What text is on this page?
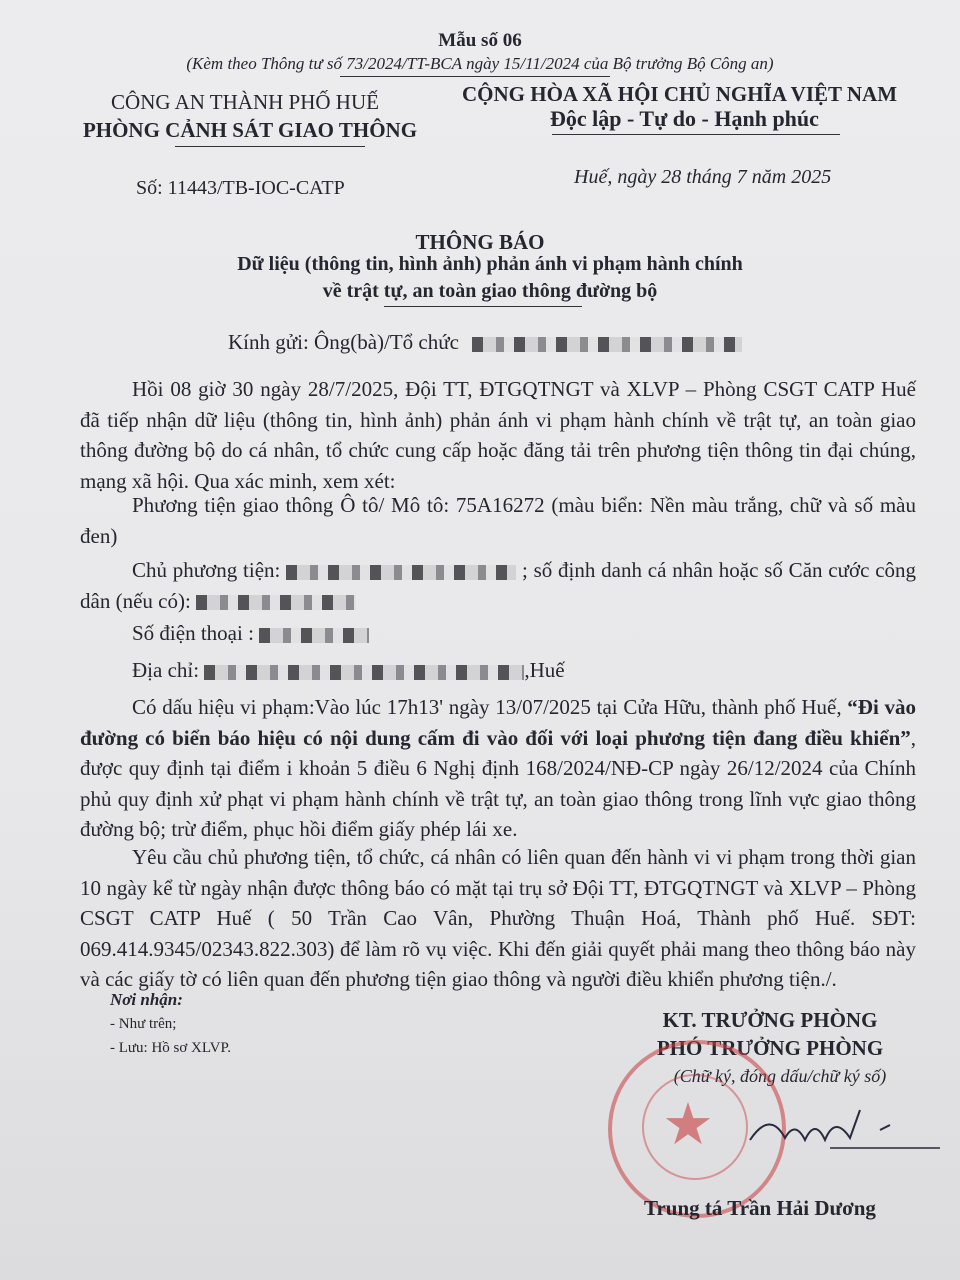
Mẫu số 06
(Kèm theo Thông tư số 73/2024/TT-BCA ngày 15/11/2024 của Bộ trưởng Bộ Công an)
CÔNG AN THÀNH PHỐ HUẾ
PHÒNG CẢNH SÁT GIAO THÔNG
Số: 11443/TB-IOC-CATP
CỘNG HÒA XÃ HỘI CHỦ NGHĨA VIỆT NAM
Độc lập - Tự do - Hạnh phúc
Huế, ngày 28 tháng 7 năm 2025
THÔNG BÁO
Dữ liệu (thông tin, hình ảnh) phản ánh vi phạm hành chính
về trật tự, an toàn giao thông đường bộ
Kính gửi: Ông(bà)/Tổ chức
Hồi 08 giờ 30 ngày 28/7/2025, Đội TT, ĐTGQTNGT và XLVP – Phòng CSGT CATP Huế đã tiếp nhận dữ liệu (thông tin, hình ảnh) phản ánh vi phạm hành chính về trật tự, an toàn giao thông đường bộ do cá nhân, tổ chức cung cấp hoặc đăng tải trên phương tiện thông tin đại chúng, mạng xã hội. Qua xác minh, xem xét:
Phương tiện giao thông Ô tô/ Mô tô: 75A16272 (màu biển: Nền màu trắng, chữ và số màu đen)
Chủ phương tiện:	; số định danh cá nhân hoặc số Căn cước công dân (nếu có):
Số điện thoại :
Địa chỉ:	,Huế
Có dấu hiệu vi phạm:Vào lúc 17h13' ngày 13/07/2025 tại Cửa Hữu, thành phố Huế, “Đi vào đường có biển báo hiệu có nội dung cấm đi vào đối với loại phương tiện đang điều khiển”, được quy định tại điểm i khoản 5 điều 6 Nghị định 168/2024/NĐ-CP ngày 26/12/2024 của Chính phủ quy định xử phạt vi phạm hành chính về trật tự, an toàn giao thông trong lĩnh vực giao thông đường bộ; trừ điểm, phục hồi điểm giấy phép lái xe.
Yêu cầu chủ phương tiện, tổ chức, cá nhân có liên quan đến hành vi vi phạm trong thời gian 10 ngày kể từ ngày nhận được thông báo có mặt tại trụ sở Đội TT, ĐTGQTNGT và XLVP – Phòng CSGT CATP Huế ( 50 Trần Cao Vân, Phường Thuận Hoá, Thành phố Huế. SĐT: 069.414.9345/02343.822.303) để làm rõ vụ việc. Khi đến giải quyết phải mang theo thông báo này và các giấy tờ có liên quan đến phương tiện giao thông và người điều khiển phương tiện./.
Nơi nhận:
- Như trên;
- Lưu: Hồ sơ XLVP.
KT. TRƯỞNG PHÒNG
PHÓ TRƯỞNG PHÒNG
(Chữ ký, đóng dấu/chữ ký số)
★
Trung tá Trần Hải Dương
